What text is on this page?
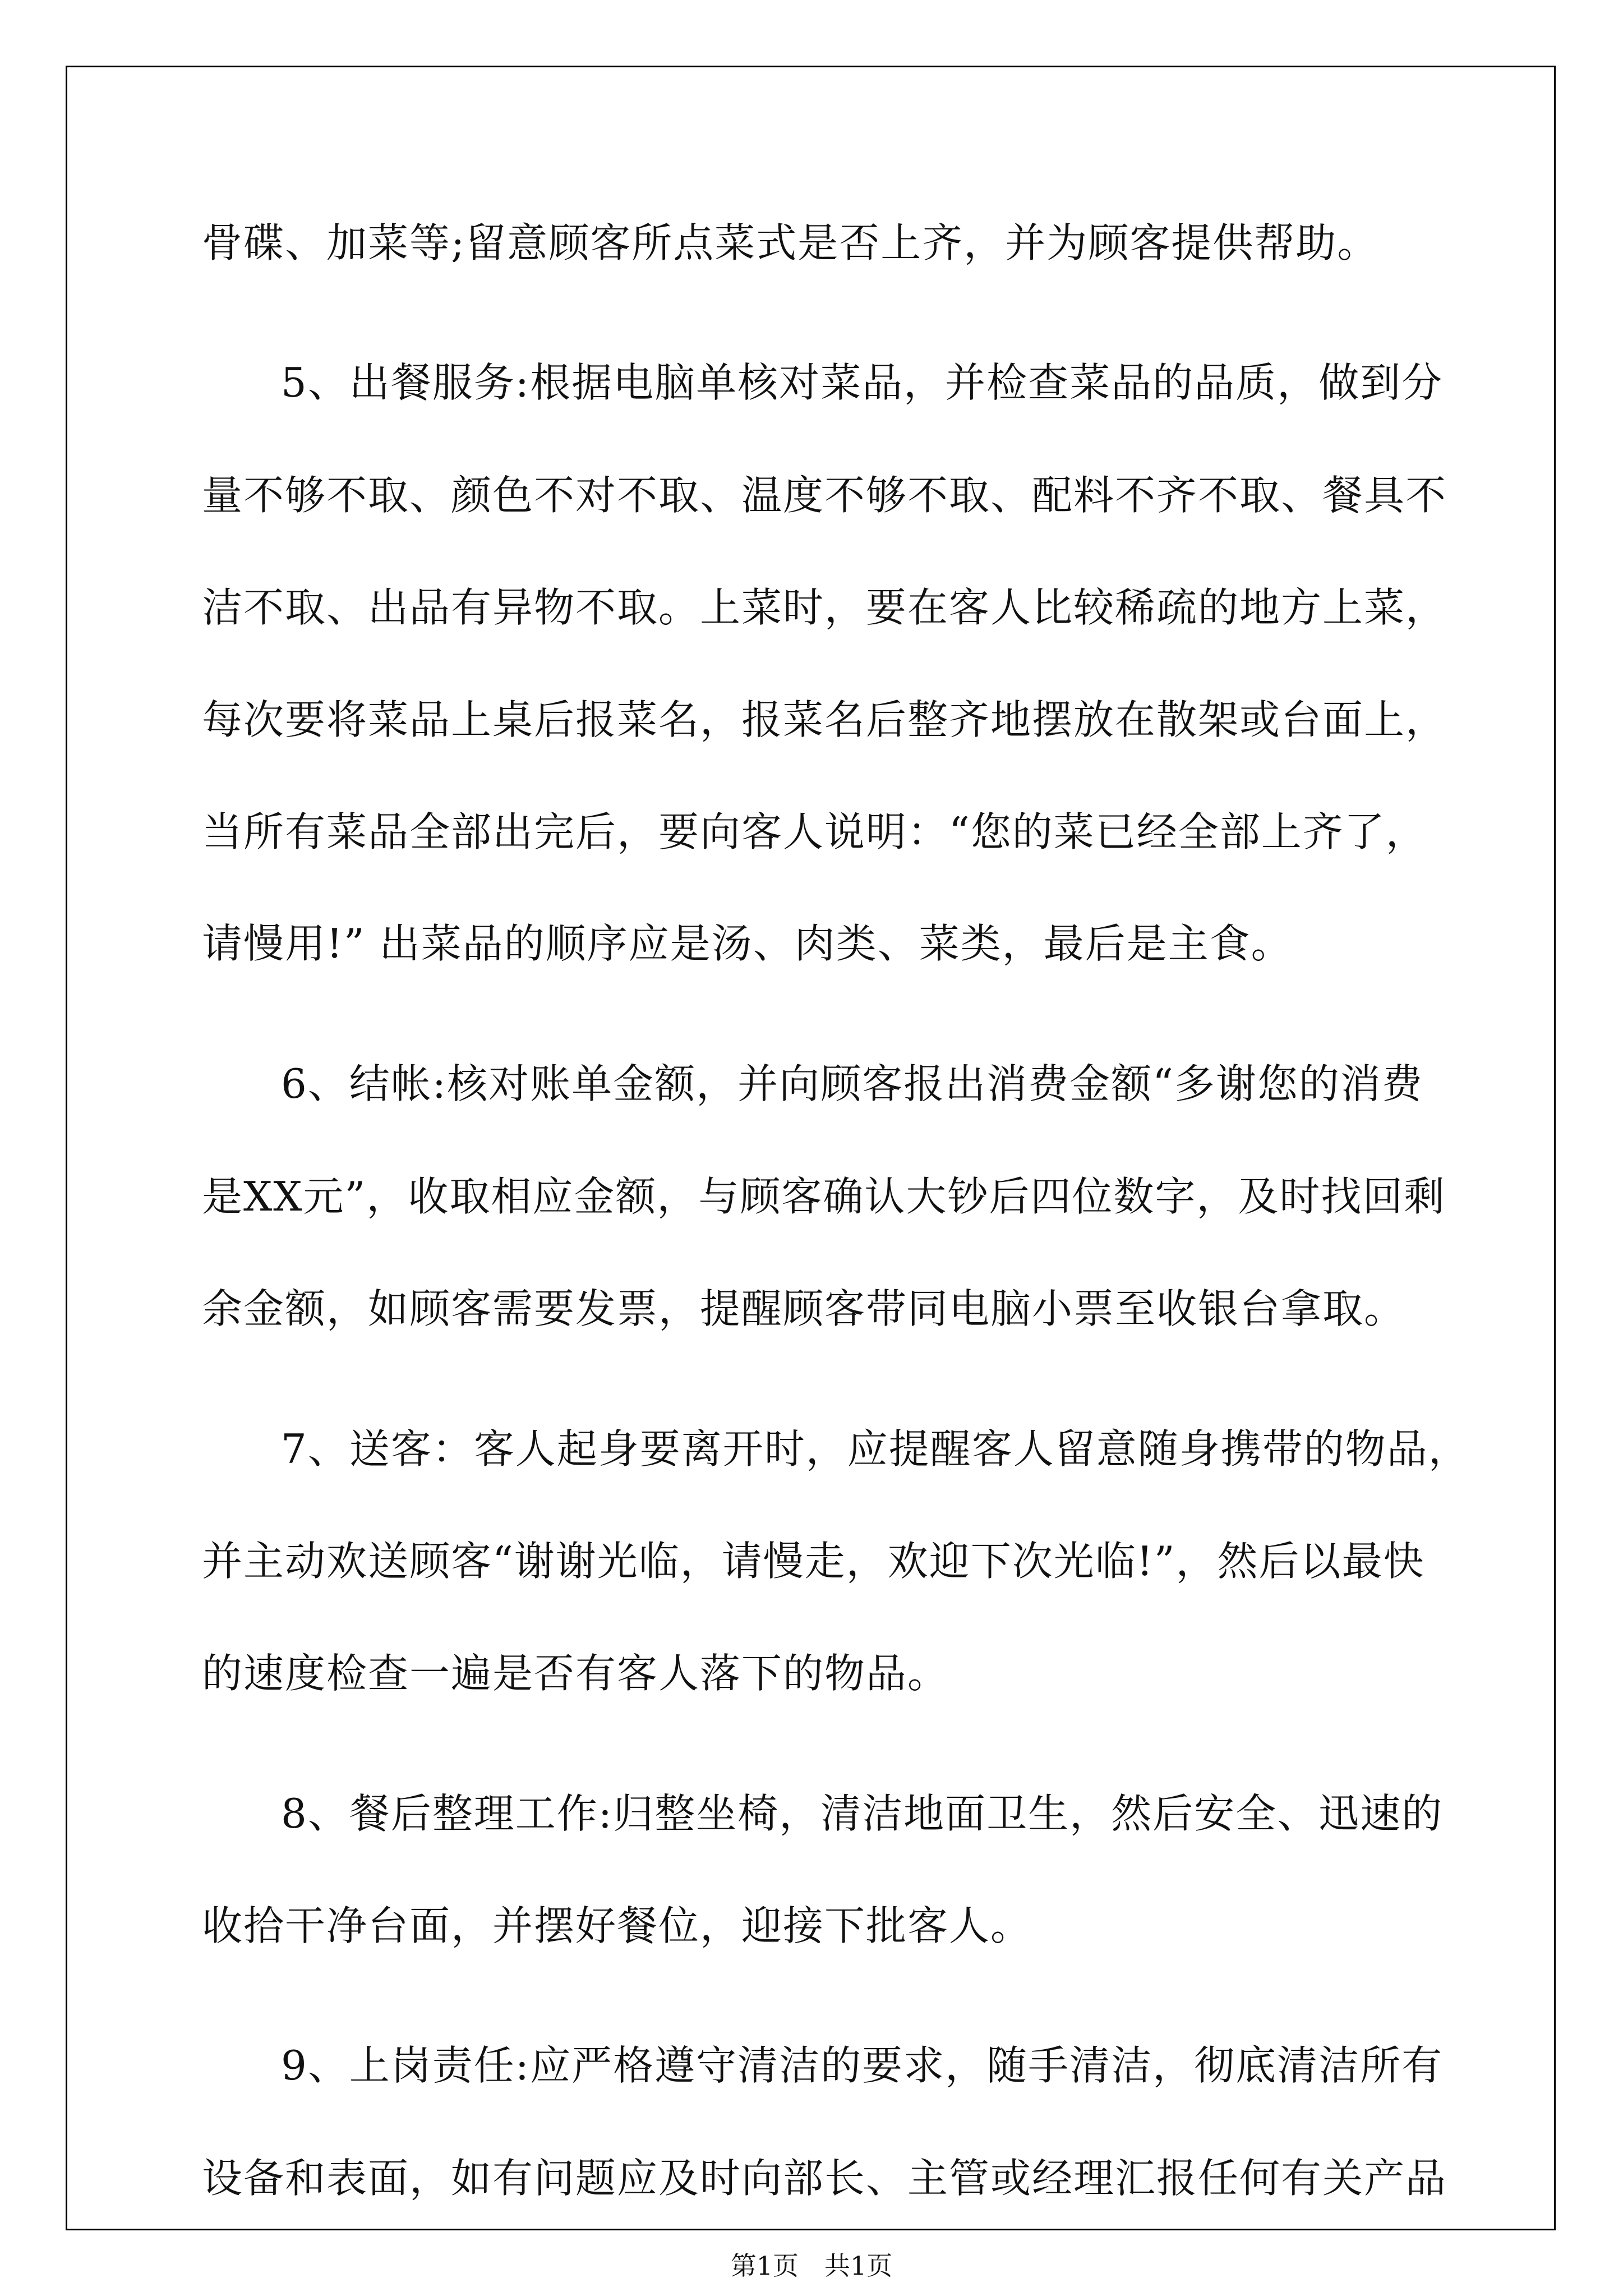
骨碟、加菜等;留意顾客所点菜式是否上齐，并为顾客提供帮助。
5、出餐服务:根据电脑单核对菜品，并检查菜品的品质，做到分
量不够不取、颜色不对不取、温度不够不取、配料不齐不取、餐具不
洁不取、出品有异物不取。上菜时，要在客人比较稀疏的地方上菜，
每次要将菜品上桌后报菜名，报菜名后整齐地摆放在散架或台面上，
当所有菜品全部出完后，要向客人说明：“您的菜已经全部上齐了，
请慢用!” 出菜品的顺序应是汤、肉类、菜类，最后是主食。
6、结帐:核对账单金额，并向顾客报出消费金额“多谢您的消费
是XX元”，收取相应金额，与顾客确认大钞后四位数字，及时找回剩
余金额，如顾客需要发票，提醒顾客带同电脑小票至收银台拿取。
7、送客：客人起身要离开时，应提醒客人留意随身携带的物品，
并主动欢送顾客“谢谢光临，请慢走，欢迎下次光临!”，然后以最快
的速度检查一遍是否有客人落下的物品。
8、餐后整理工作:归整坐椅，清洁地面卫生，然后安全、迅速的
收拾干净台面，并摆好餐位，迎接下批客人。
9、上岗责任:应严格遵守清洁的要求，随手清洁，彻底清洁所有
设备和表面，如有问题应及时向部长、主管或经理汇报任何有关产品
第1页　共1页
